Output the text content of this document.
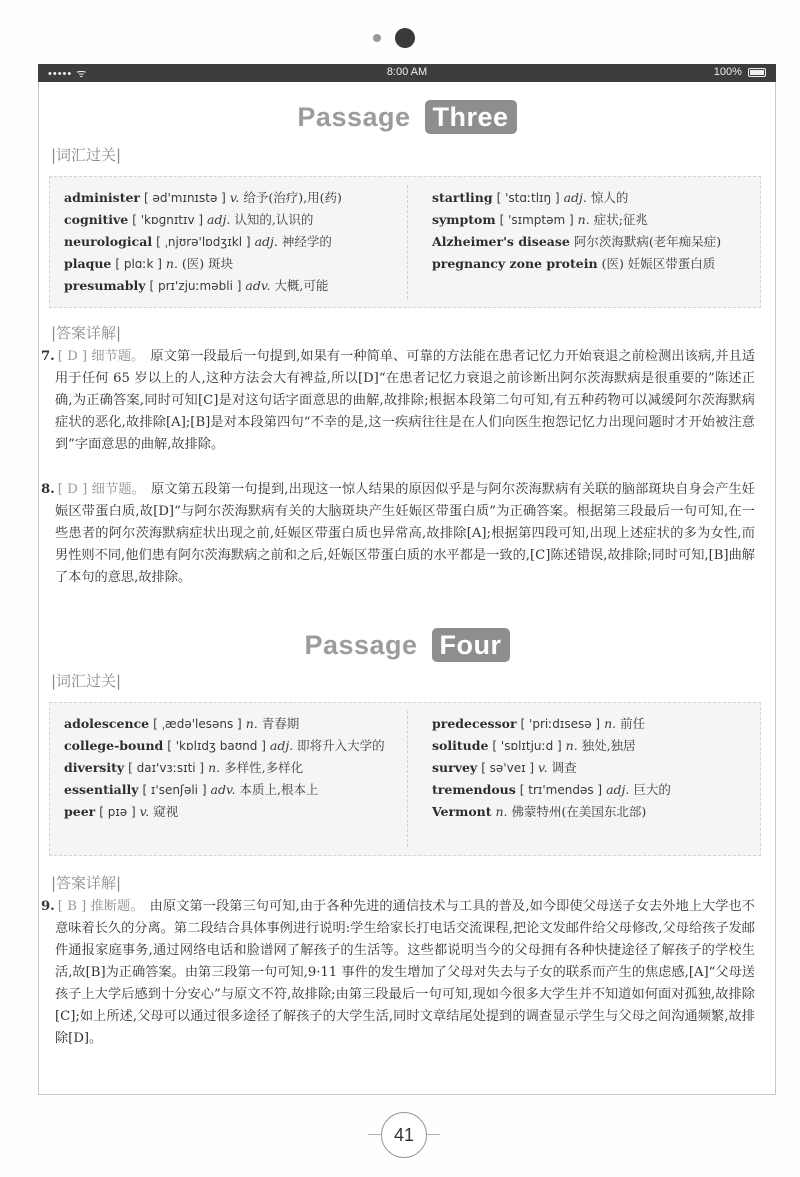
••••• ᯤ	8:00 AM	100%
Passage Three
|词汇过关|
administer [ əd'mɪnɪstə ] v. 给予(治疗),用(药)
cognitive [ 'kɒɡnɪtɪv ] adj. 认知的,认识的
neurological [ ˌnjʊrə'lɒdʒɪkl ] adj. 神经学的
plaque [ plɑːk ] n. (医) 斑块
presumably [ prɪ'zjuːməbli ] adv. 大概,可能
startling [ 'stɑːtlɪŋ ] adj. 惊人的
symptom [ 'sɪmptəm ] n. 症状;征兆
Alzheimer's disease 阿尔茨海默病(老年痴呆症)
pregnancy zone protein (医) 妊娠区带蛋白质
|答案详解|
7. [ D ] 细节题。 原文第一段最后一句提到,如果有一种简单、可靠的方法能在患者记忆力开始衰退之前检测出该病,并且适用于任何 65 岁以上的人,这种方法会大有裨益,所以[D]“在患者记忆力衰退之前诊断出阿尔茨海默病是很重要的”陈述正确,为正确答案,同时可知[C]是对这句话字面意思的曲解,故排除;根据本段第二句可知,有五种药物可以减缓阿尔茨海默病症状的恶化,故排除[A];[B]是对本段第四句“不幸的是,这一疾病往往是在人们向医生抱怨记忆力出现问题时才开始被注意到”字面意思的曲解,故排除。
8. [ D ] 细节题。 原文第五段第一句提到,出现这一惊人结果的原因似乎是与阿尔茨海默病有关联的脑部斑块自身会产生妊娠区带蛋白质,故[D]“与阿尔茨海默病有关的大脑斑块产生妊娠区带蛋白质”为正确答案。根据第三段最后一句可知,在一些患者的阿尔茨海默病症状出现之前,妊娠区带蛋白质也异常高,故排除[A];根据第四段可知,出现上述症状的多为女性,而男性则不同,他们患有阿尔茨海默病之前和之后,妊娠区带蛋白质的水平都是一致的,[C]陈述错误,故排除;同时可知,[B]曲解了本句的意思,故排除。
Passage Four
|词汇过关|
adolescence [ ˌædə'lesəns ] n. 青春期
college-bound [ 'kɒlɪdʒ baʊnd ] adj. 即将升入大学的
diversity [ daɪ'vɜːsɪti ] n. 多样性,多样化
essentially [ ɪ'senʃəli ] adv. 本质上,根本上
peer [ pɪə ] v. 窥视
predecessor [ 'priːdɪsesə ] n. 前任
solitude [ 'sɒlɪtjuːd ] n. 独处,独居
survey [ sə'veɪ ] v. 调查
tremendous [ trɪ'mendəs ] adj. 巨大的
Vermont n. 佛蒙特州(在美国东北部)
|答案详解|
9. [ B ] 推断题。 由原文第一段第三句可知,由于各种先进的通信技术与工具的普及,如今即使父母送子女去外地上大学也不意味着长久的分离。第二段结合具体事例进行说明:学生给家长打电话交流课程,把论文发邮件给父母修改,父母给孩子发邮件通报家庭事务,通过网络电话和脸谱网了解孩子的生活等。这些都说明当今的父母拥有各种快捷途径了解孩子的学校生活,故[B]为正确答案。由第三段第一句可知,9·11 事件的发生增加了父母对失去与子女的联系而产生的焦虑感,[A]“父母送孩子上大学后感到十分安心”与原文不符,故排除;由第三段最后一句可知,现如今很多大学生并不知道如何面对孤独,故排除[C];如上所述,父母可以通过很多途径了解孩子的大学生活,同时文章结尾处提到的调查显示学生与父母之间沟通频繁,故排除[D]。
41
